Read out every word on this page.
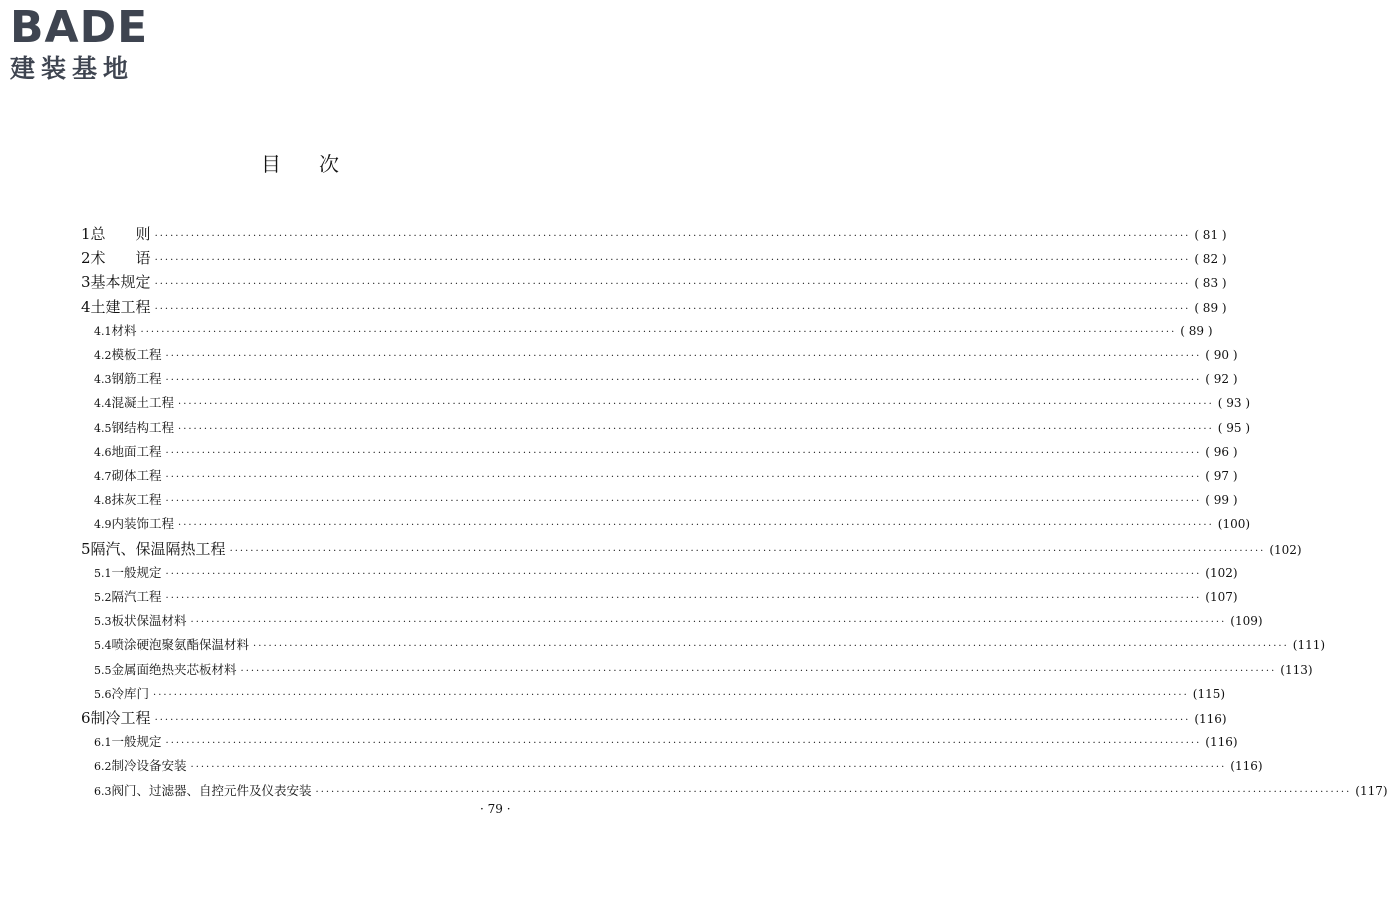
BADE
建装基地
目次
1 总　　则 ········································································································································································································ ( 81 )
2 术　　语 ········································································································································································································ ( 82 )
3 基本规定 ········································································································································································································ ( 83 )
4 土建工程 ········································································································································································································ ( 89 )
4.1 材料 ········································································································································································································ ( 89 )
4.2 模板工程 ········································································································································································································ ( 90 )
4.3 钢筋工程 ········································································································································································································ ( 92 )
4.4 混凝土工程 ········································································································································································································ ( 93 )
4.5 钢结构工程 ········································································································································································································ ( 95 )
4.6 地面工程 ········································································································································································································ ( 96 )
4.7 砌体工程 ········································································································································································································ ( 97 )
4.8 抹灰工程 ········································································································································································································ ( 99 )
4.9 内装饰工程 ········································································································································································································ (100)
5 隔汽、保温隔热工程 ········································································································································································································ (102)
5.1 一般规定 ········································································································································································································ (102)
5.2 隔汽工程 ········································································································································································································ (107)
5.3 板状保温材料 ········································································································································································································ (109)
5.4 喷涂硬泡聚氨酯保温材料 ········································································································································································································ (111)
5.5 金属面绝热夹芯板材料 ········································································································································································································ (113)
5.6 冷库门 ········································································································································································································ (115)
6 制冷工程 ········································································································································································································ (116)
6.1 一般规定 ········································································································································································································ (116)
6.2 制冷设备安装 ········································································································································································································ (116)
6.3 阀门、过滤器、自控元件及仪表安装 ········································································································································································································ (117)
· 79 ·
